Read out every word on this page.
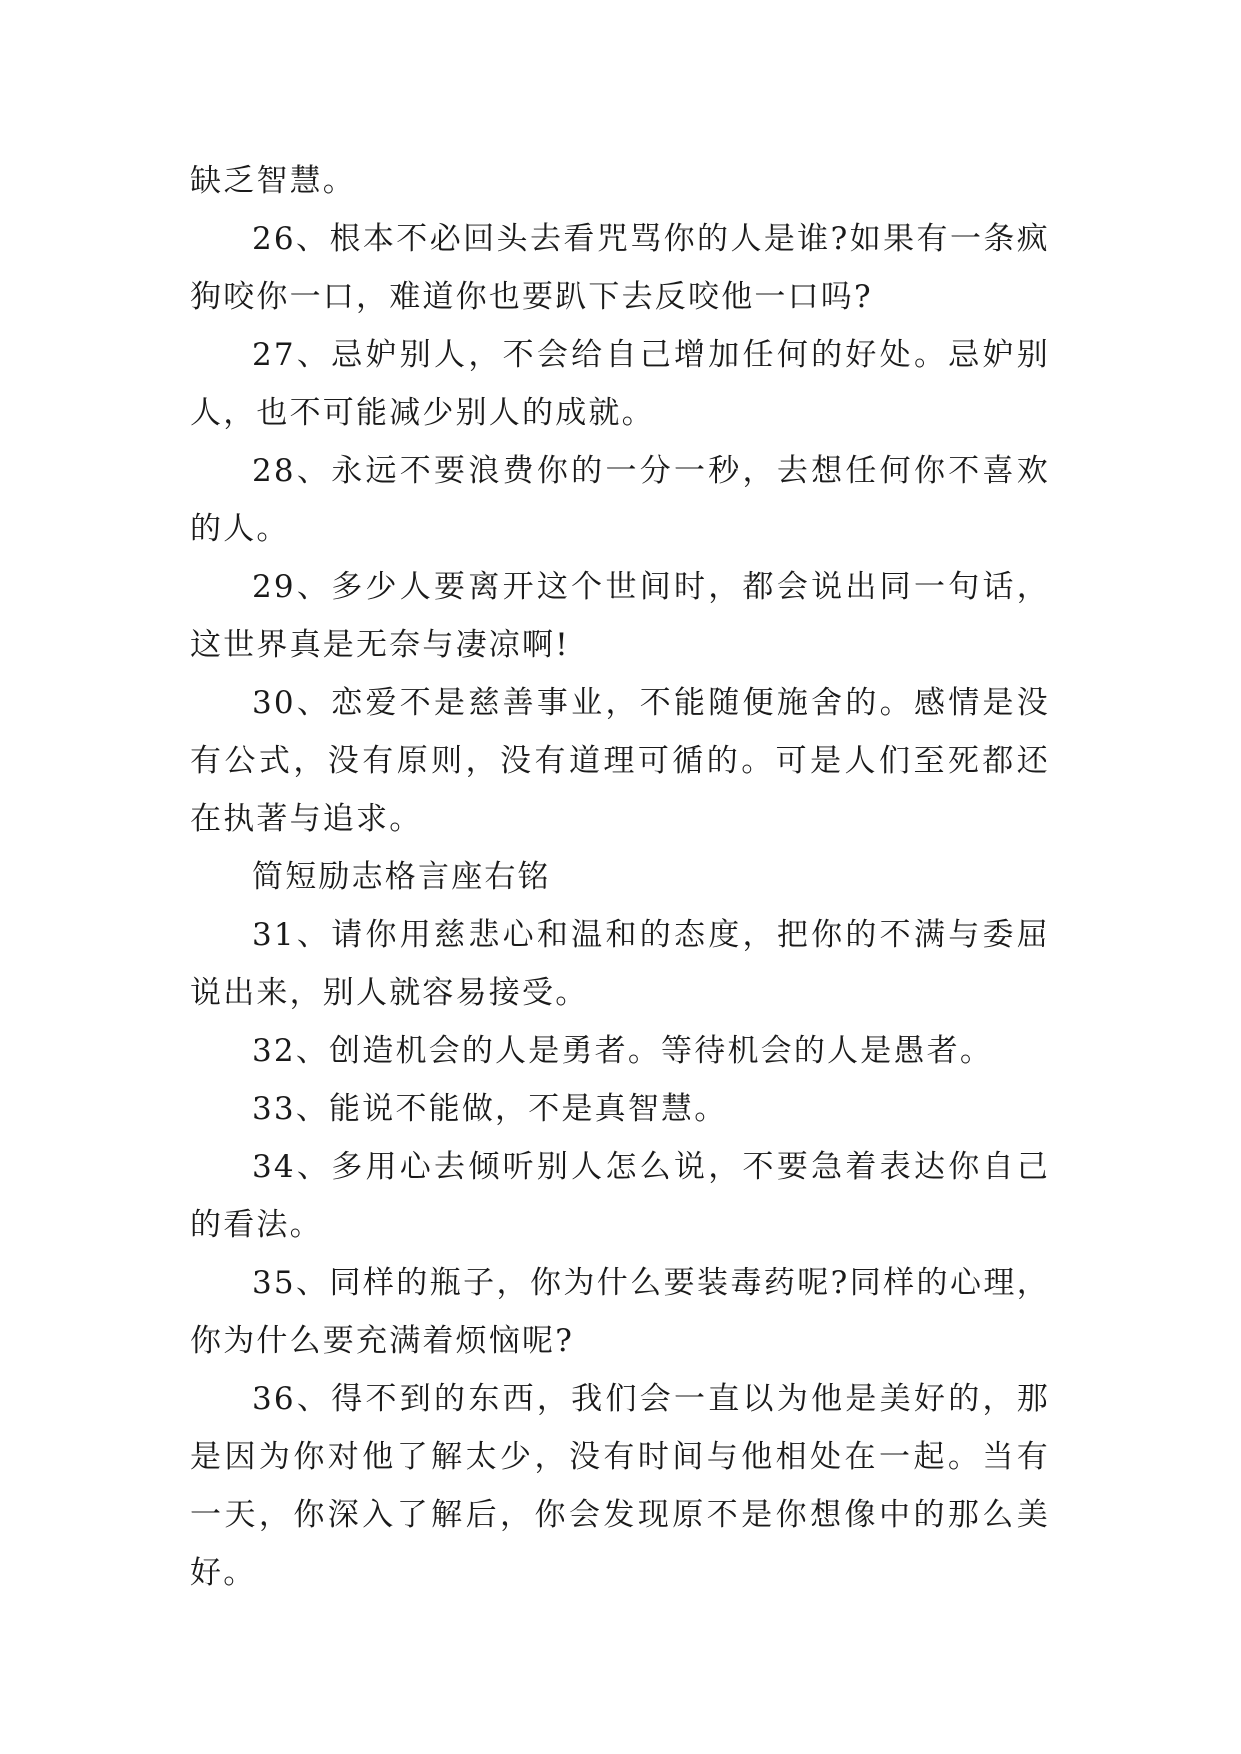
缺乏智慧。

26、根本不必回头去看咒骂你的人是谁?如果有一条疯狗咬你一口，难道你也要趴下去反咬他一口吗?

27、忌妒别人，不会给自己增加任何的好处。忌妒别人，也不可能减少别人的成就。

28、永远不要浪费你的一分一秒，去想任何你不喜欢的人。

29、多少人要离开这个世间时，都会说出同一句话，这世界真是无奈与凄凉啊!

30、恋爱不是慈善事业，不能随便施舍的。感情是没有公式，没有原则，没有道理可循的。可是人们至死都还在执著与追求。

简短励志格言座右铭

31、请你用慈悲心和温和的态度，把你的不满与委屈说出来，别人就容易接受。

32、创造机会的人是勇者。等待机会的人是愚者。

33、能说不能做，不是真智慧。

34、多用心去倾听别人怎么说，不要急着表达你自己的看法。

35、同样的瓶子，你为什么要装毒药呢?同样的心理，你为什么要充满着烦恼呢?

36、得不到的东西，我们会一直以为他是美好的，那是因为你对他了解太少，没有时间与他相处在一起。当有一天，你深入了解后，你会发现原不是你想像中的那么美好。
